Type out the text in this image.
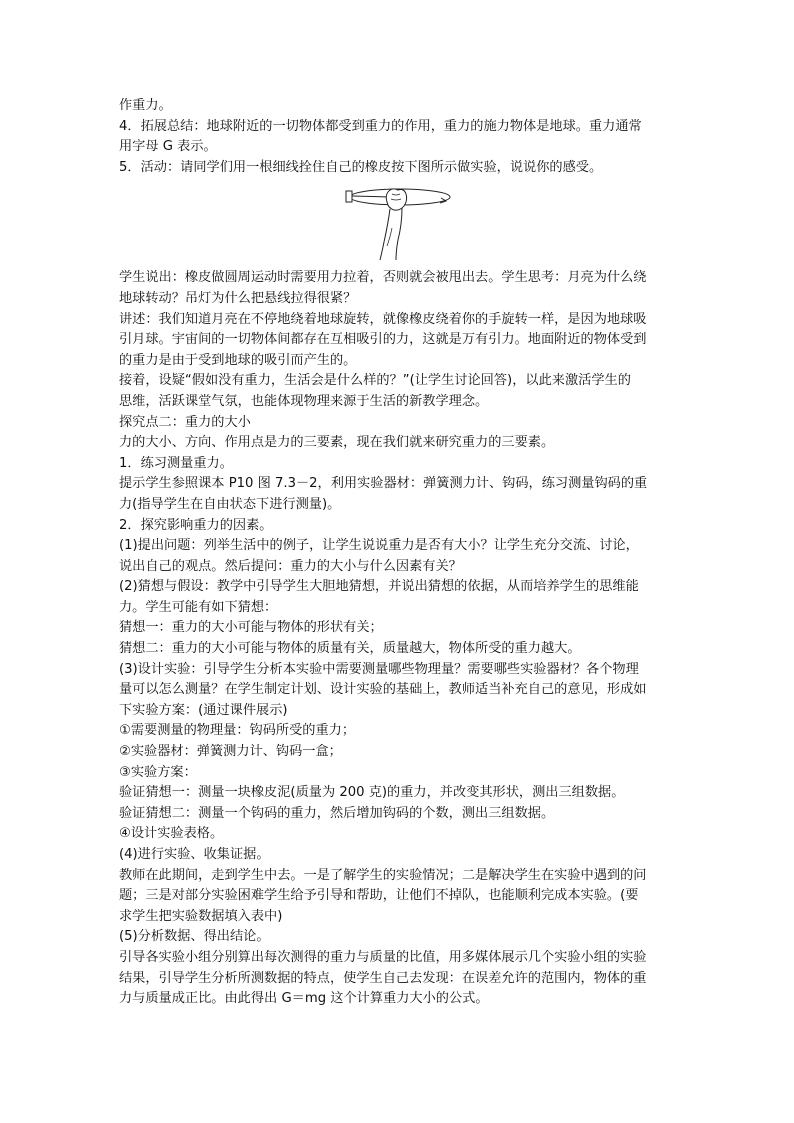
作重力。

4．拓展总结：地球附近的一切物体都受到重力的作用，重力的施力物体是地球。重力通常

用字母 G 表示。

5．活动：请同学们用一根细线拴住自己的橡皮按下图所示做实验，说说你的感受。

学生说出：橡皮做圆周运动时需要用力拉着，否则就会被甩出去。学生思考：月亮为什么绕

地球转动？吊灯为什么把悬线拉得很紧？

讲述：我们知道月亮在不停地绕着地球旋转，就像橡皮绕着你的手旋转一样，是因为地球吸

引月球。宇宙间的一切物体间都存在互相吸引的力，这就是万有引力。地面附近的物体受到

的重力是由于受到地球的吸引而产生的。

接着，设疑“假如没有重力，生活会是什么样的？”(让学生讨论回答)，以此来激活学生的

思维，活跃课堂气氛，也能体现物理来源于生活的新教学理念。

探究点二：重力的大小

力的大小、方向、作用点是力的三要素，现在我们就来研究重力的三要素。

1．练习测量重力。

提示学生参照课本 P10 图 7.3－2，利用实验器材：弹簧测力计、钩码，练习测量钩码的重

力(指导学生在自由状态下进行测量)。

2．探究影响重力的因素。

(1)提出问题：列举生活中的例子，让学生说说重力是否有大小？让学生充分交流、讨论，

说出自己的观点。然后提问：重力的大小与什么因素有关？

(2)猜想与假设：教学中引导学生大胆地猜想，并说出猜想的依据，从而培养学生的思维能

力。学生可能有如下猜想：

猜想一：重力的大小可能与物体的形状有关；

猜想二：重力的大小可能与物体的质量有关，质量越大，物体所受的重力越大。

(3)设计实验：引导学生分析本实验中需要测量哪些物理量？需要哪些实验器材？各个物理

量可以怎么测量？在学生制定计划、设计实验的基础上，教师适当补充自己的意见，形成如

下实验方案：(通过课件展示)

①需要测量的物理量：钩码所受的重力；

②实验器材：弹簧测力计、钩码一盒；

③实验方案：

验证猜想一：测量一块橡皮泥(质量为 200 克)的重力，并改变其形状，测出三组数据。

验证猜想二：测量一个钩码的重力，然后增加钩码的个数，测出三组数据。

④设计实验表格。

(4)进行实验、收集证据。

教师在此期间，走到学生中去。一是了解学生的实验情况；二是解决学生在实验中遇到的问

题；三是对部分实验困难学生给予引导和帮助，让他们不掉队，也能顺利完成本实验。(要

求学生把实验数据填入表中)

(5)分析数据、得出结论。

引导各实验小组分别算出每次测得的重力与质量的比值，用多媒体展示几个实验小组的实验

结果，引导学生分析所测数据的特点，使学生自己去发现：在误差允许的范围内，物体的重

力与质量成正比。由此得出 G＝mg 这个计算重力大小的公式。
